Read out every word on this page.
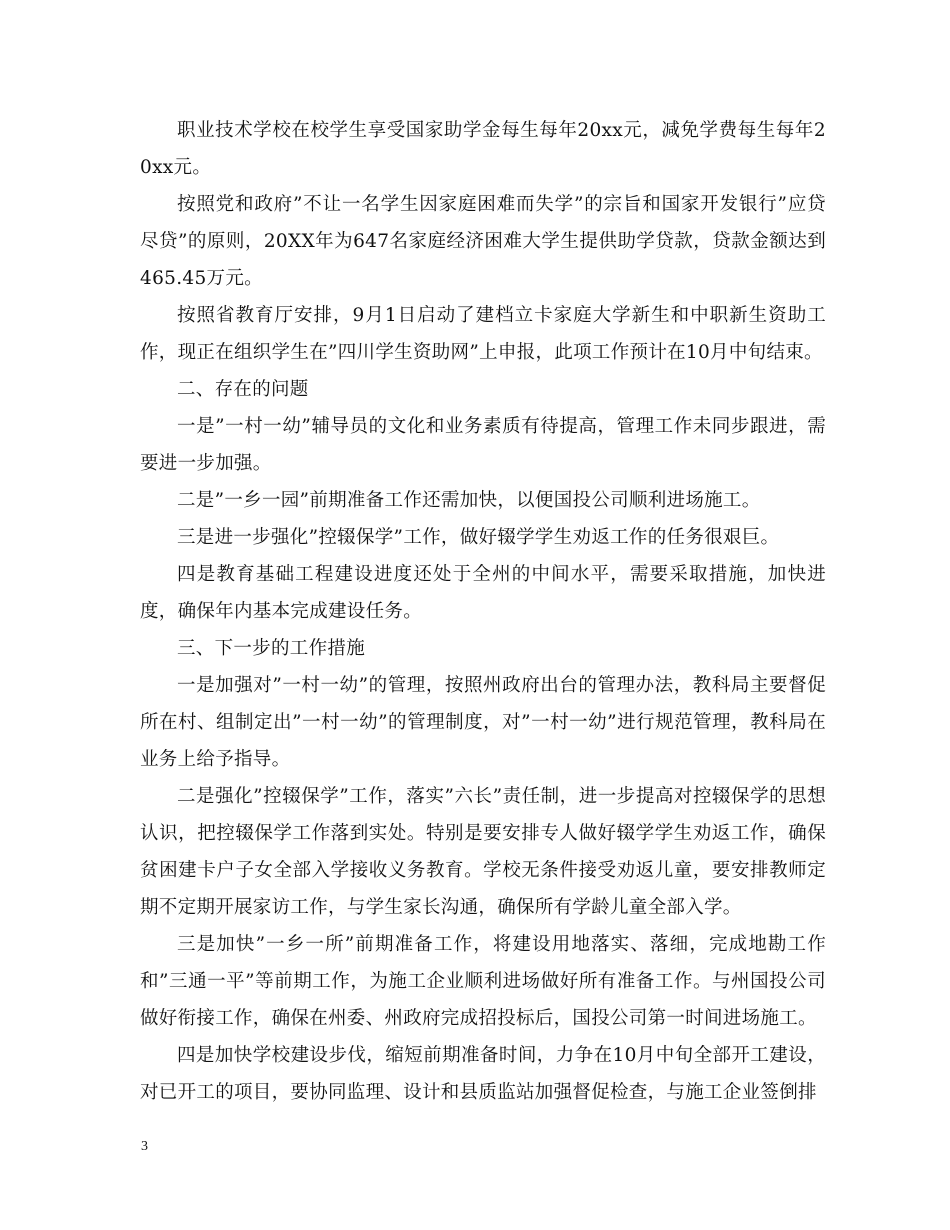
职业技术学校在校学生享受国家助学金每生每年20xx元，减免学费每生每年20xx元。

按照党和政府”不让一名学生因家庭困难而失学”的宗旨和国家开发银行”应贷尽贷”的原则，20XX年为647名家庭经济困难大学生提供助学贷款，贷款金额达到465.45万元。

按照省教育厅安排，9月1日启动了建档立卡家庭大学新生和中职新生资助工作，现正在组织学生在”四川学生资助网”上申报，此项工作预计在10月中旬结束。

二、存在的问题

一是”一村一幼”辅导员的文化和业务素质有待提高，管理工作未同步跟进，需要进一步加强。

二是”一乡一园”前期准备工作还需加快，以便国投公司顺利进场施工。

三是进一步强化”控辍保学”工作，做好辍学学生劝返工作的任务很艰巨。

四是教育基础工程建设进度还处于全州的中间水平，需要采取措施，加快进度，确保年内基本完成建设任务。

三、下一步的工作措施

一是加强对”一村一幼”的管理，按照州政府出台的管理办法，教科局主要督促所在村、组制定出”一村一幼”的管理制度，对”一村一幼”进行规范管理，教科局在业务上给予指导。

二是强化”控辍保学”工作，落实”六长”责任制，进一步提高对控辍保学的思想认识，把控辍保学工作落到实处。特别是要安排专人做好辍学学生劝返工作，确保贫困建卡户子女全部入学接收义务教育。学校无条件接受劝返儿童，要安排教师定期不定期开展家访工作，与学生家长沟通，确保所有学龄儿童全部入学。

三是加快”一乡一所”前期准备工作，将建设用地落实、落细，完成地勘工作和”三通一平”等前期工作，为施工企业顺利进场做好所有准备工作。与州国投公司做好衔接工作，确保在州委、州政府完成招投标后，国投公司第一时间进场施工。

四是加快学校建设步伐，缩短前期准备时间，力争在10月中旬全部开工建设，对已开工的项目，要协同监理、设计和县质监站加强督促检查，与施工企业签倒排

3
